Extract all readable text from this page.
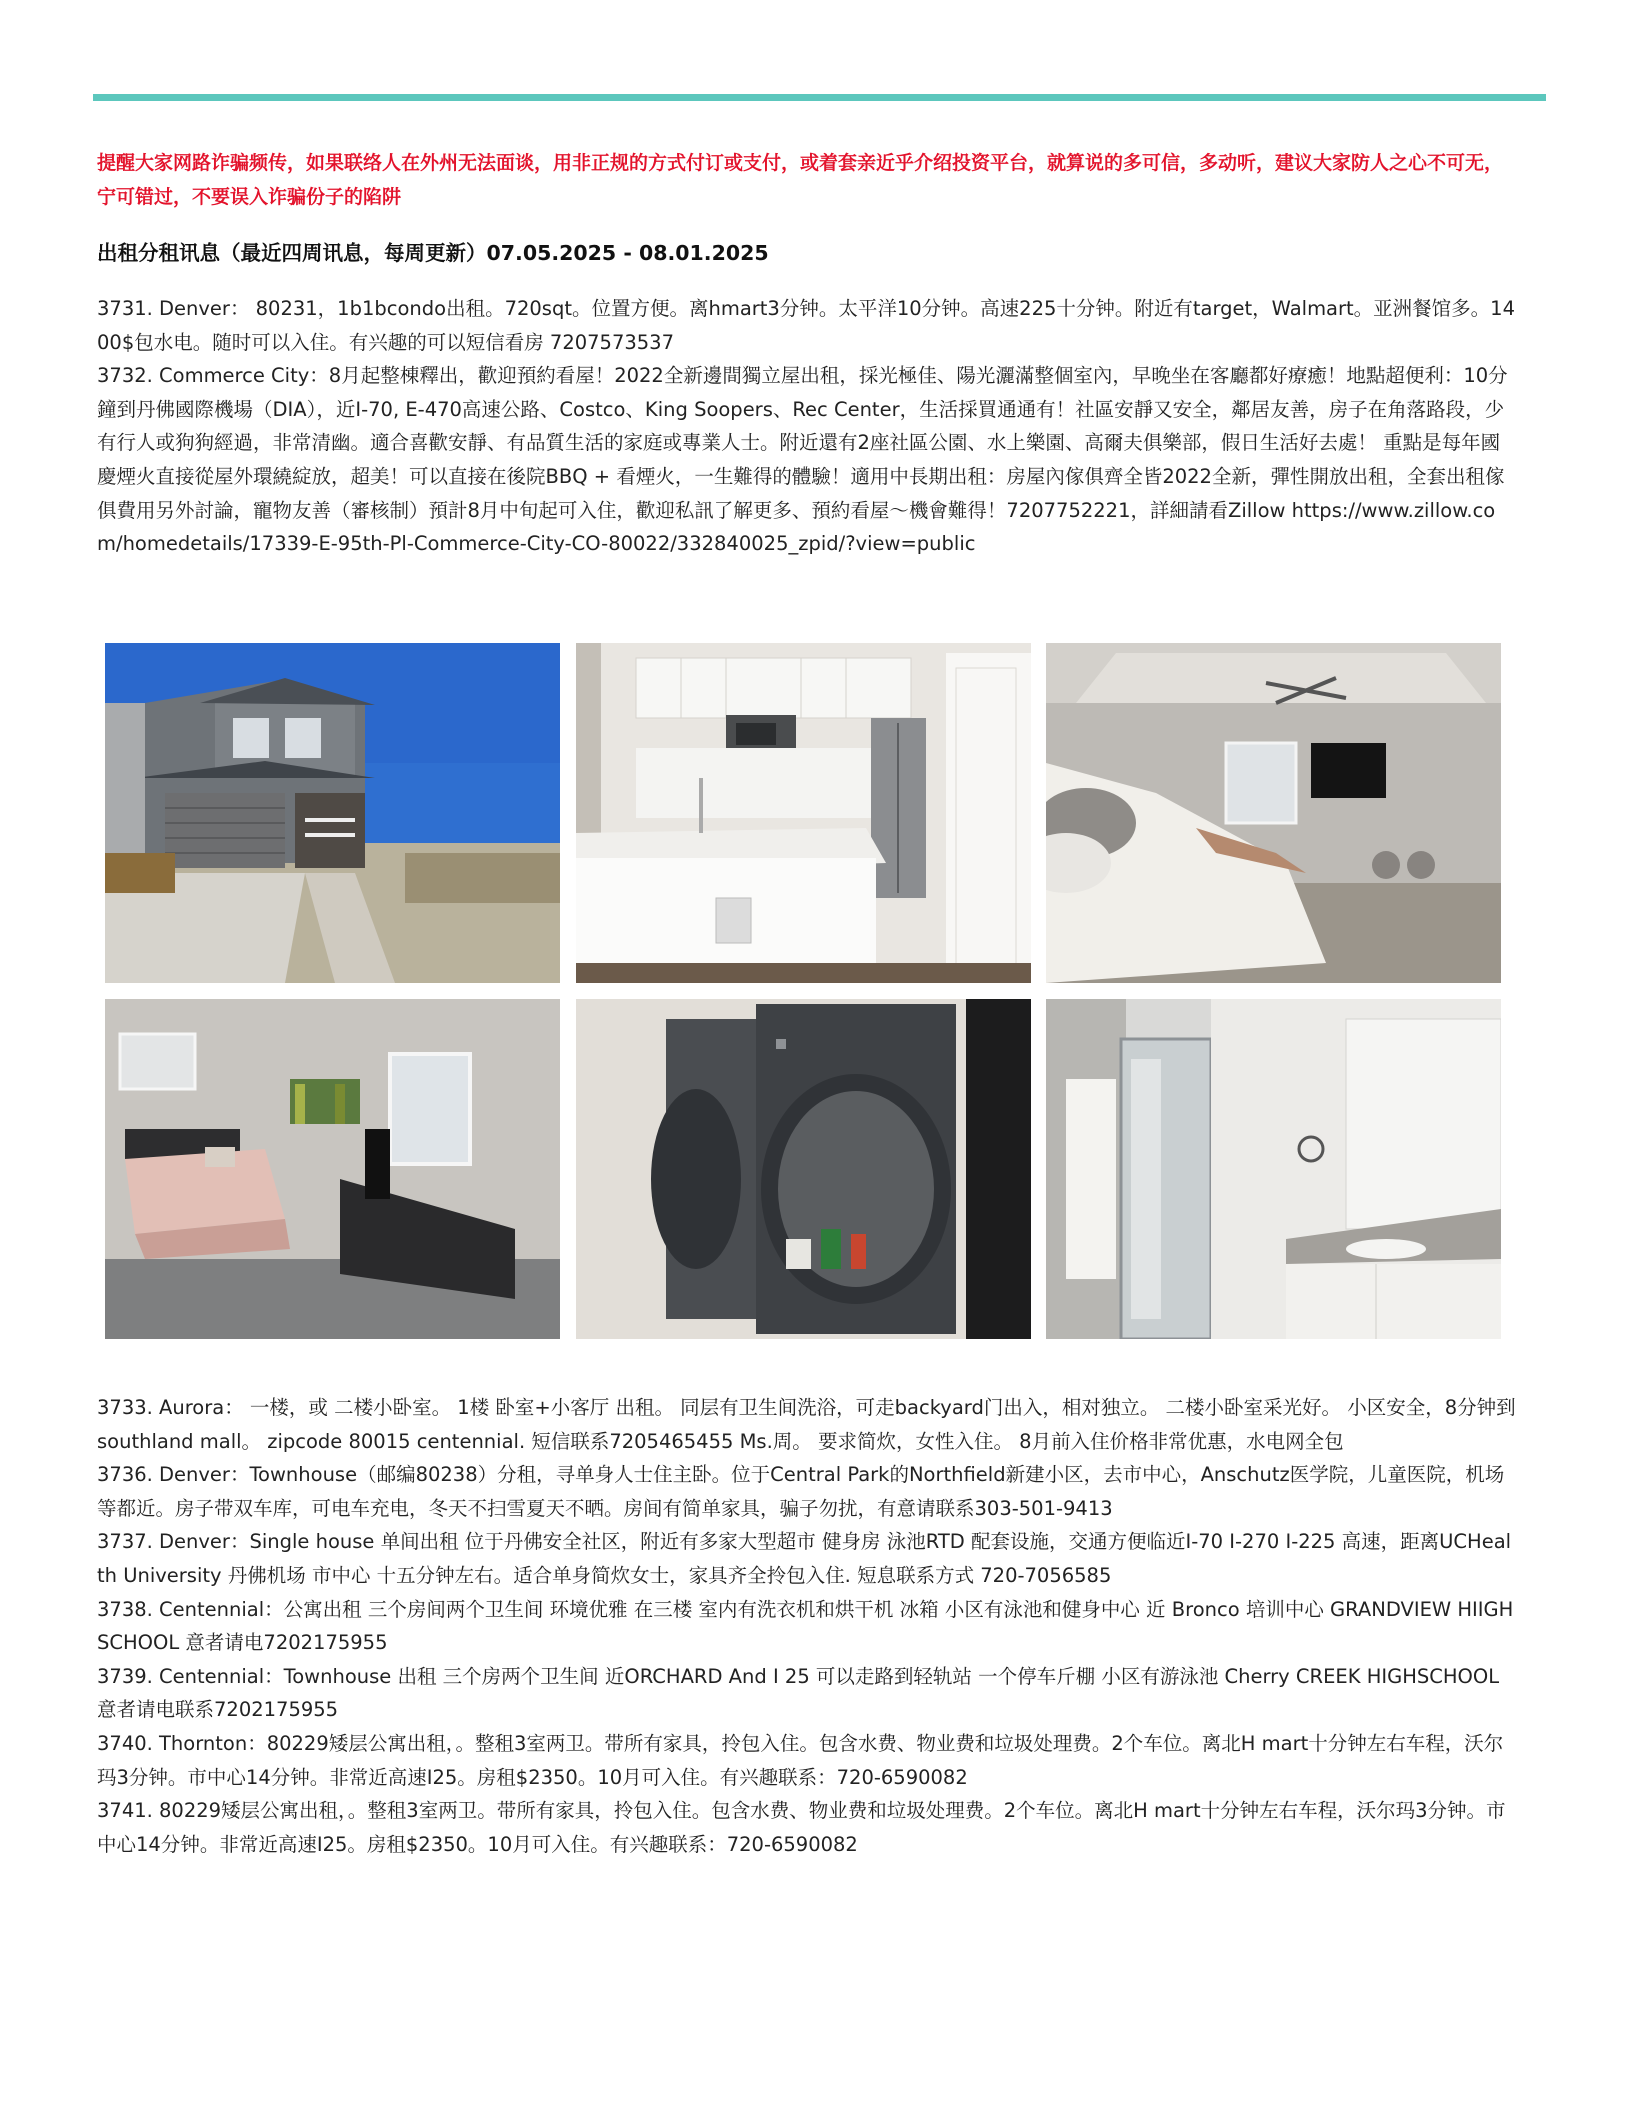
提醒大家网路诈骗频传，如果联络人在外州无法面谈，用非正规的方式付订或支付，或着套亲近乎介绍投资平台，就算说的多可信，多动听，建议大家防人之心不可无，宁可错过，不要误入诈骗份子的陷阱

出租分租讯息（最近四周讯息，每周更新）07.05.2025 - 08.01.2025

3731. Denver： 80231，1b1bcondo出租。720sqt。位置方便。离hmart3分钟。太平洋10分钟。高速225十分钟。附近有target，Walmart。亚洲餐馆多。1400$包水电。随时可以入住。有兴趣的可以短信看房 7207573537

3732. Commerce City：8月起整棟釋出，歡迎預約看屋！2022全新邊間獨立屋出租，採光極佳、陽光灑滿整個室內，早晚坐在客廳都好療癒！地點超便利：10分鐘到丹佛國際機場（DIA），近I-70, E-470高速公路、Costco、King Soopers、Rec Center，生活採買通通有！社區安靜又安全，鄰居友善，房子在角落路段，少有行人或狗狗經過，非常清幽。適合喜歡安靜、有品質生活的家庭或專業人士。附近還有2座社區公園、水上樂園、高爾夫俱樂部，假日生活好去處！ 重點是每年國慶煙火直接從屋外環繞綻放，超美！可以直接在後院BBQ + 看煙火，一生難得的體驗！適用中長期出租：房屋內傢俱齊全皆2022全新，彈性開放出租，全套出租傢俱費用另外討論，寵物友善（審核制）預計8月中旬起可入住，歡迎私訊了解更多、預約看屋～機會難得！7207752221，詳細請看Zillow https://www.zillow.com/homedetails/17339-E-95th-Pl-Commerce-City-CO-80022/332840025_zpid/?view=public

3733. Aurora： 一楼，或 二楼小卧室。 1楼 卧室+小客厅 出租。 同层有卫生间洗浴，可走backyard门出入，相对独立。 二楼小卧室采光好。 小区安全，8分钟到southland mall。 zipcode 80015 centennial. 短信联系7205465455 Ms.周。 要求简炊，女性入住。 8月前入住价格非常优惠，水电网全包

3736. Denver：Townhouse（邮编80238）分租，寻单身人士住主卧。位于Central Park的Northfield新建小区，去市中心，Anschutz医学院，儿童医院，机场等都近。房子带双车库，可电车充电，冬天不扫雪夏天不晒。房间有简单家具，骗子勿扰，有意请联系303-501-9413

3737. Denver：Single house 单间出租 位于丹佛安全社区，附近有多家大型超市 健身房 泳池RTD 配套设施，交通方便临近I-70 I-270 I-225 高速，距离UCHealth University 丹佛机场 市中心 十五分钟左右。适合单身简炊女士，家具齐全拎包入住. 短息联系方式 720-7056585

3738. Centennial：公寓出租 三个房间两个卫生间 环境优雅 在三楼 室内有洗衣机和烘干机 冰箱 小区有泳池和健身中心 近 Bronco 培训中心 GRANDVIEW HIIGHSCHOOL 意者请电7202175955

3739. Centennial：Townhouse 出租 三个房两个卫生间 近ORCHARD And I 25 可以走路到轻轨站 一个停车斤棚 小区有游泳池 Cherry CREEK HIGHSCHOOL 意者请电联系7202175955

3740. Thornton：80229矮层公寓出租，。整租3室两卫。带所有家具，拎包入住。包含水费、物业费和垃圾处理费。2个车位。离北H mart十分钟左右车程，沃尔玛3分钟。市中心14分钟。非常近高速I25。房租$2350。10月可入住。有兴趣联系：720-6590082

3741. 80229矮层公寓出租，。整租3室两卫。带所有家具，拎包入住。包含水费、物业费和垃圾处理费。2个车位。离北H mart十分钟左右车程，沃尔玛3分钟。市中心14分钟。非常近高速I25。房租$2350。10月可入住。有兴趣联系：720-6590082
